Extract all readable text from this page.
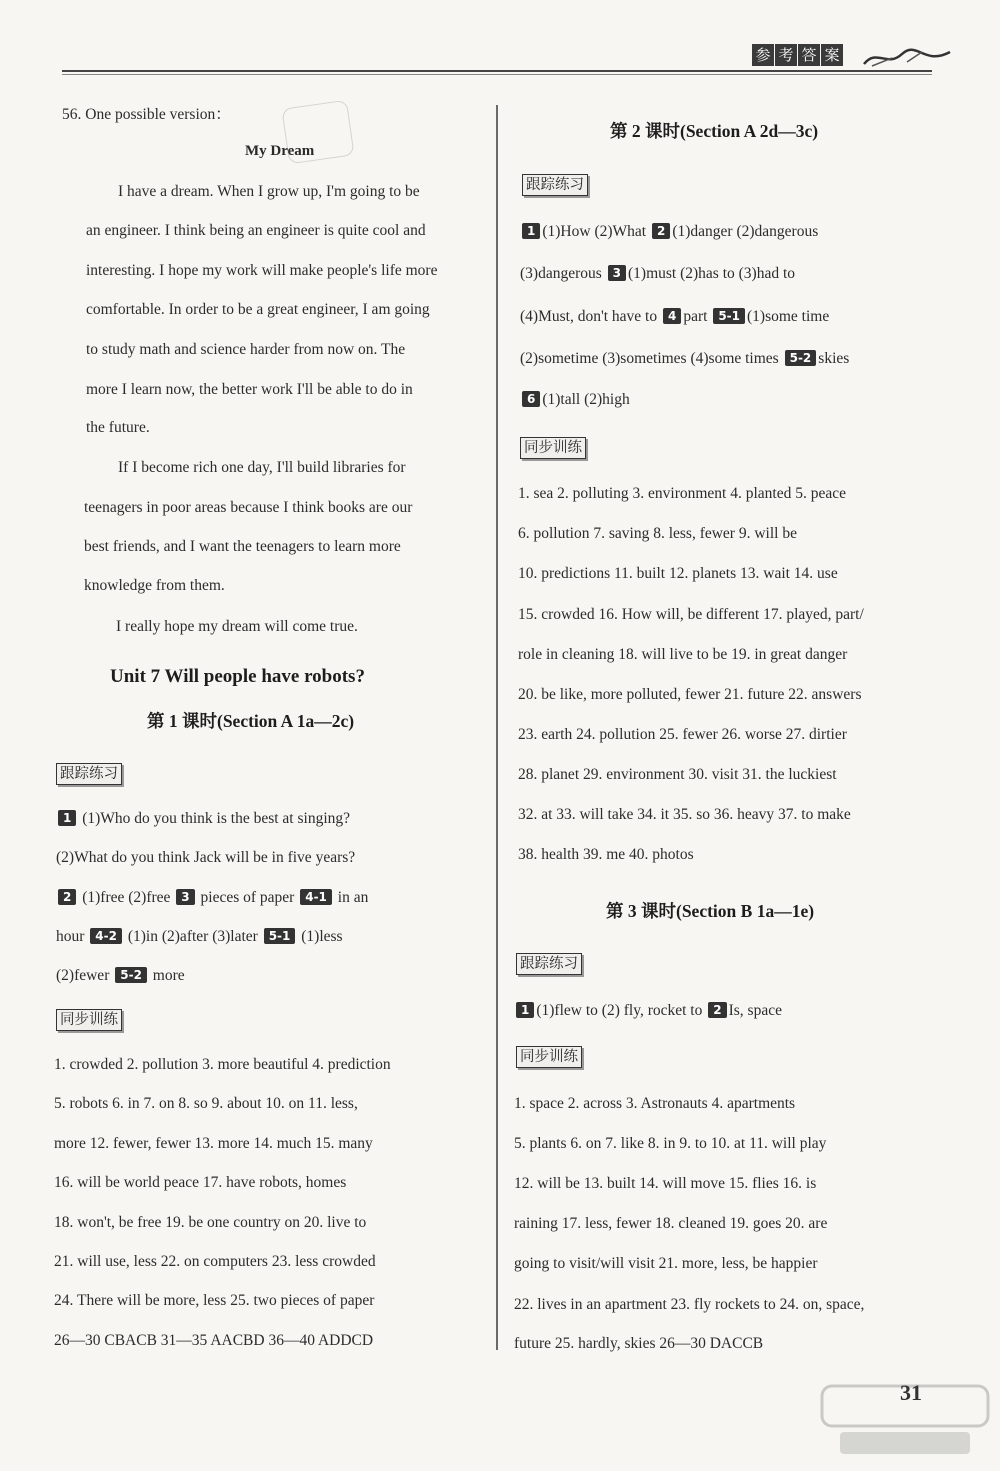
参 考 答 案
56. One possible version：
My Dream
I have a dream. When I grow up, I'm going to be
an engineer. I think being an engineer is quite cool and
interesting. I hope my work will make people's life more
comfortable. In order to be a great engineer, I am going
to study math and science harder from now on. The
more I learn now, the better work I'll be able to do in
the future.
If I become rich one day, I'll build libraries for
teenagers in poor areas because I think books are our
best friends, and I want the teenagers to learn more
knowledge from them.
I really hope my dream will come true.
Unit 7 Will people have robots?
第 1 课时(Section A 1a—2c)
跟踪练习
1 (1)Who do you think is the best at singing?
(2)What do you think Jack will be in five years?
2 (1)free (2)free 3 pieces of paper 4-1 in an
hour 4-2 (1)in (2)after (3)later 5-1 (1)less
(2)fewer 5-2 more
同步训练
1. crowded 2. pollution 3. more beautiful 4. prediction
5. robots 6. in 7. on 8. so 9. about 10. on 11. less,
more 12. fewer, fewer 13. more 14. much 15. many
16. will be world peace 17. have robots, homes
18. won't, be free 19. be one country on 20. live to
21. will use, less 22. on computers 23. less crowded
24. There will be more, less 25. two pieces of paper
26—30 CBACB 31—35 AACBD 36—40 ADDCD
第 2 课时(Section A 2d—3c)
跟踪练习
1 (1)How (2)What 2 (1)danger (2)dangerous
(3)dangerous 3 (1)must (2)has to (3)had to
(4)Must, don't have to 4 part 5-1 (1)some time
(2)sometime (3)sometimes (4)some times 5-2 skies
6 (1)tall (2)high
同步训练
1. sea 2. polluting 3. environment 4. planted 5. peace
6. pollution 7. saving 8. less, fewer 9. will be
10. predictions 11. built 12. planets 13. wait 14. use
15. crowded 16. How will, be different 17. played, part/
role in cleaning 18. will live to be 19. in great danger
20. be like, more polluted, fewer 21. future 22. answers
23. earth 24. pollution 25. fewer 26. worse 27. dirtier
28. planet 29. environment 30. visit 31. the luckiest
32. at 33. will take 34. it 35. so 36. heavy 37. to make
38. health 39. me 40. photos
第 3 课时(Section B 1a—1e)
跟踪练习
1 (1)flew to (2) fly, rocket to 2 Is, space
同步训练
1. space 2. across 3. Astronauts 4. apartments
5. plants 6. on 7. like 8. in 9. to 10. at 11. will play
12. will be 13. built 14. will move 15. flies 16. is
raining 17. less, fewer 18. cleaned 19. goes 20. are
going to visit/will visit 21. more, less, be happier
22. lives in an apartment 23. fly rockets to 24. on, space,
future 25. hardly, skies 26—30 DACCB
31
